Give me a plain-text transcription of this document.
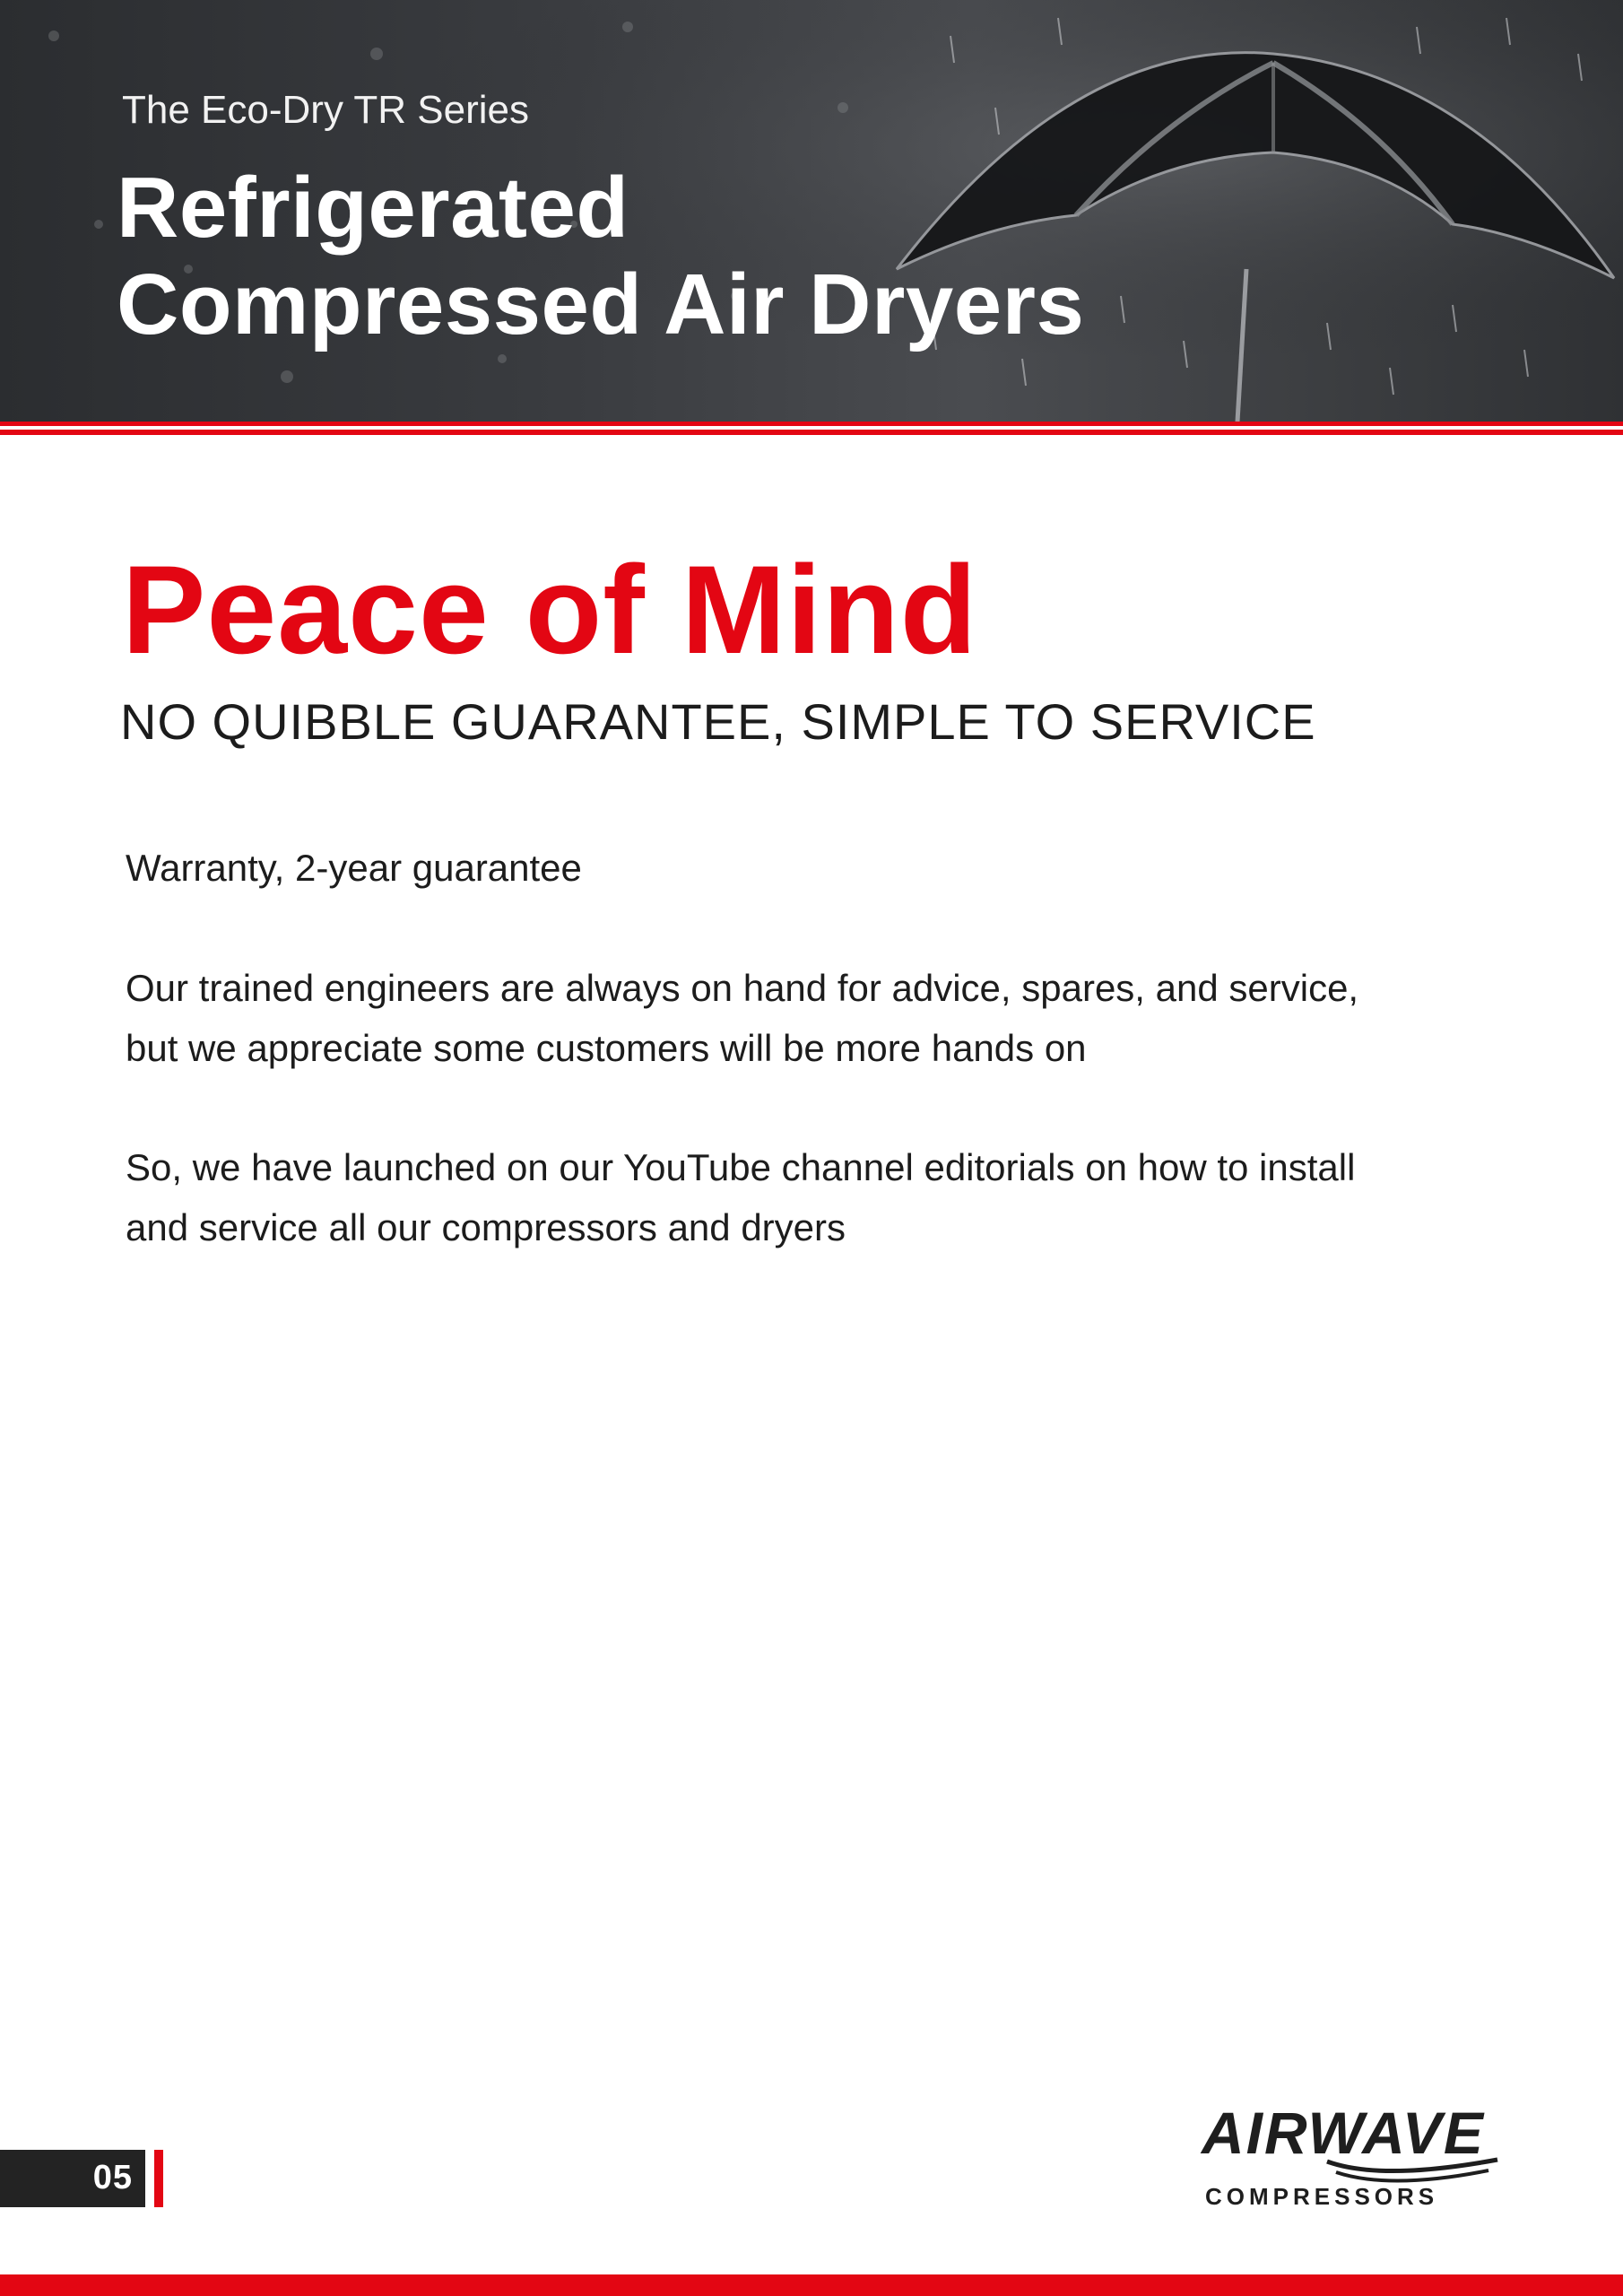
The Eco-Dry TR Series
Refrigerated
Compressed Air Dryers
Peace of Mind
NO QUIBBLE GUARANTEE, SIMPLE TO SERVICE
Warranty, 2-year guarantee
Our trained engineers are always on hand for advice, spares, and service, but we appreciate some customers will be more hands on
So, we have launched on our YouTube channel editorials on how to install and service all our compressors and dryers
05
AIRWAVE
COMPRESSORS
